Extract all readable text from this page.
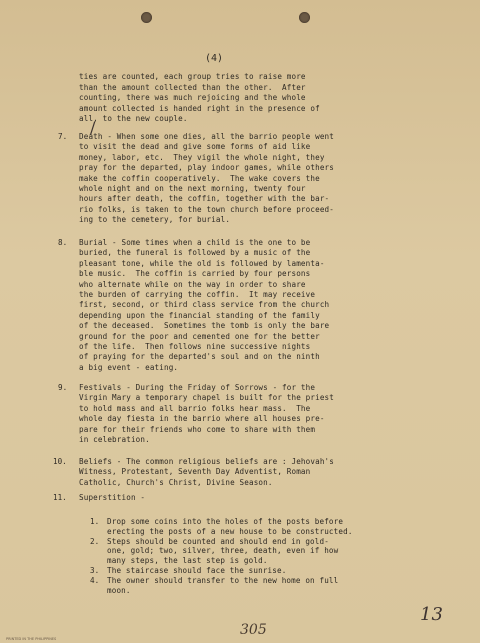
(4)
ties are counted, each group tries to raise more
than the amount collected than the other.  After
counting, there was much rejoicing and the whole
amount collected is handed right in the presence of
all, to the new couple.
7. Death - When some one dies, all the barrio people went
to visit the dead and give some forms of aid like
money, labor, etc.  They vigil the whole night, they
pray for the departed, play indoor games, while others
make the coffin cooperatively.  The wake covers the
whole night and on the next morning, twenty four
hours after death, the coffin, together with the bar-
rio folks, is taken to the town church before proceed-
ing to the cemetery, for burial.
8. Burial - Some times when a child is the one to be
buried, the funeral is followed by a music of the
pleasant tone, while the old is followed by lamenta-
ble music.  The coffin is carried by four persons
who alternate while on the way in order to share
the burden of carrying the coffin.  It may receive
first, second, or third class service from the church
depending upon the financial standing of the family
of the deceased.  Sometimes the tomb is only the bare
ground for the poor and cemented one for the better
of the life.  Then follows nine successive nights
of praying for the departed's soul and on the ninth
a big event - eating.
9. Festivals - During the Friday of Sorrows - for the
Virgin Mary a temporary chapel is built for the priest
to hold mass and all barrio folks hear mass.  The
whole day fiesta in the barrio where all houses pre-
pare for their friends who come to share with them
in celebration.
10. Beliefs - The common religious beliefs are : Jehovah's
Witness, Protestant, Seventh Day Adventist, Roman
Catholic, Church's Christ, Divine Season.
11. Superstition -
1. Drop some coins into the holes of the posts before
erecting the posts of a new house to be constructed.
2. Steps should be counted and should end in gold-
one, gold; two, silver, three, death, even if how
many steps, the last step is gold.
3. The staircase should face the sunrise.
4. The owner should transfer to the new home on full
moon.
/
305
13
PRINTED IN THE PHILIPPINES
